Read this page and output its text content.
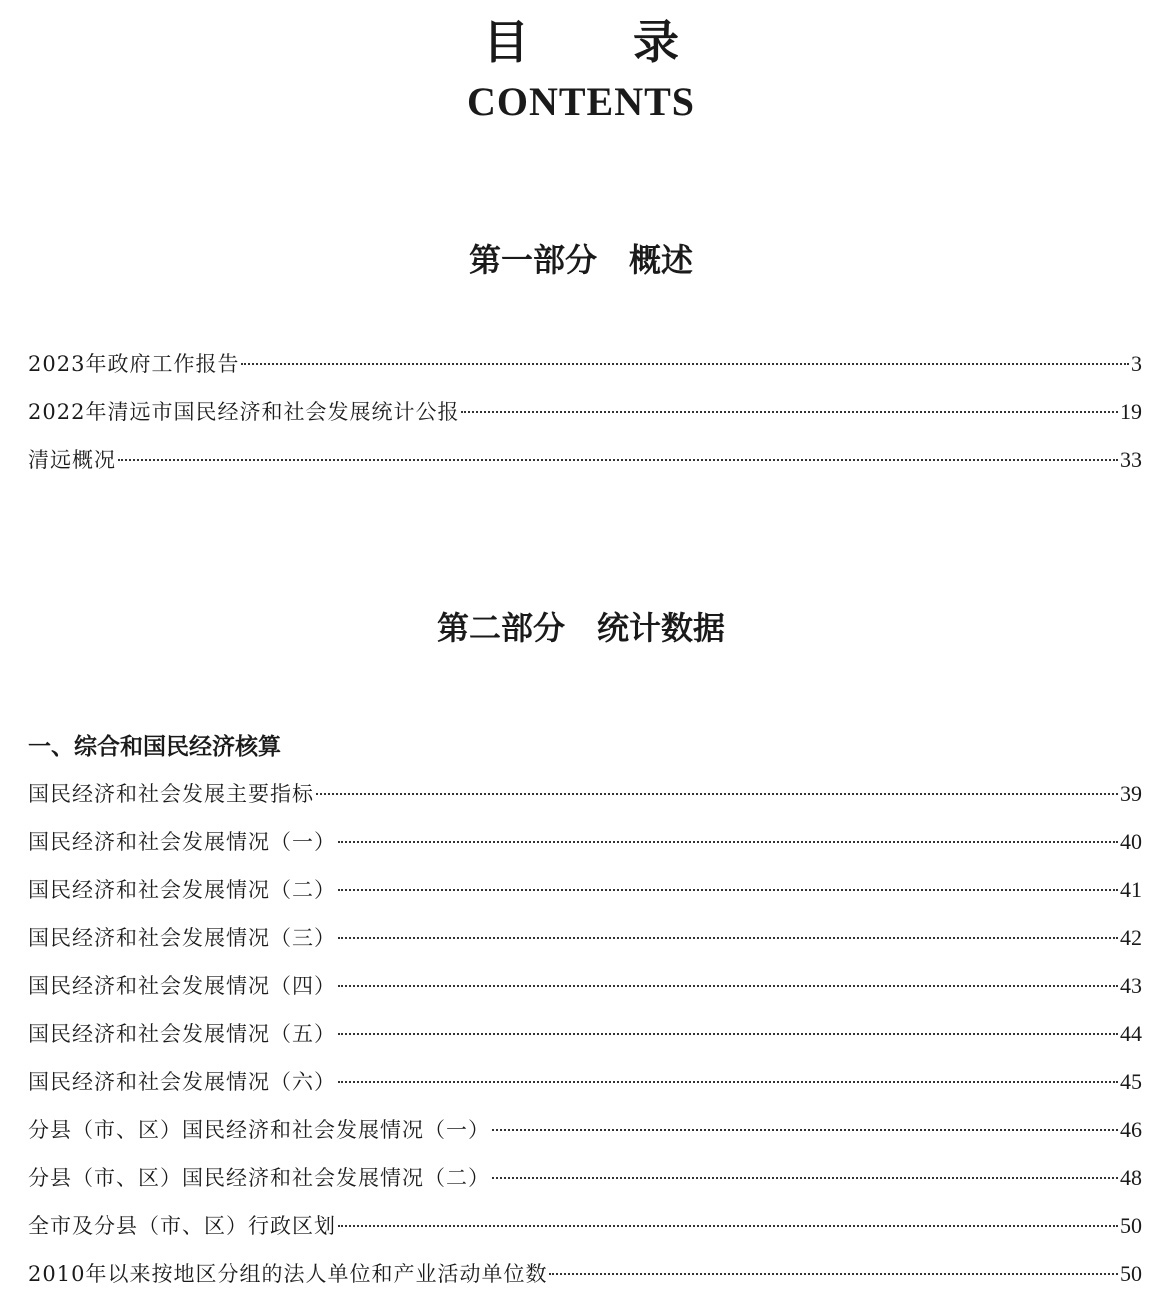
目录
CONTENTS
第一部分　概述
2023年政府工作报告	3
2022年清远市国民经济和社会发展统计公报	19
清远概况	33
第二部分　统计数据
一、综合和国民经济核算
国民经济和社会发展主要指标	39
国民经济和社会发展情况（一）	40
国民经济和社会发展情况（二）	41
国民经济和社会发展情况（三）	42
国民经济和社会发展情况（四）	43
国民经济和社会发展情况（五）	44
国民经济和社会发展情况（六）	45
分县（市、区）国民经济和社会发展情况（一）	46
分县（市、区）国民经济和社会发展情况（二）	48
全市及分县（市、区）行政区划	50
2010年以来按地区分组的法人单位和产业活动单位数	50
